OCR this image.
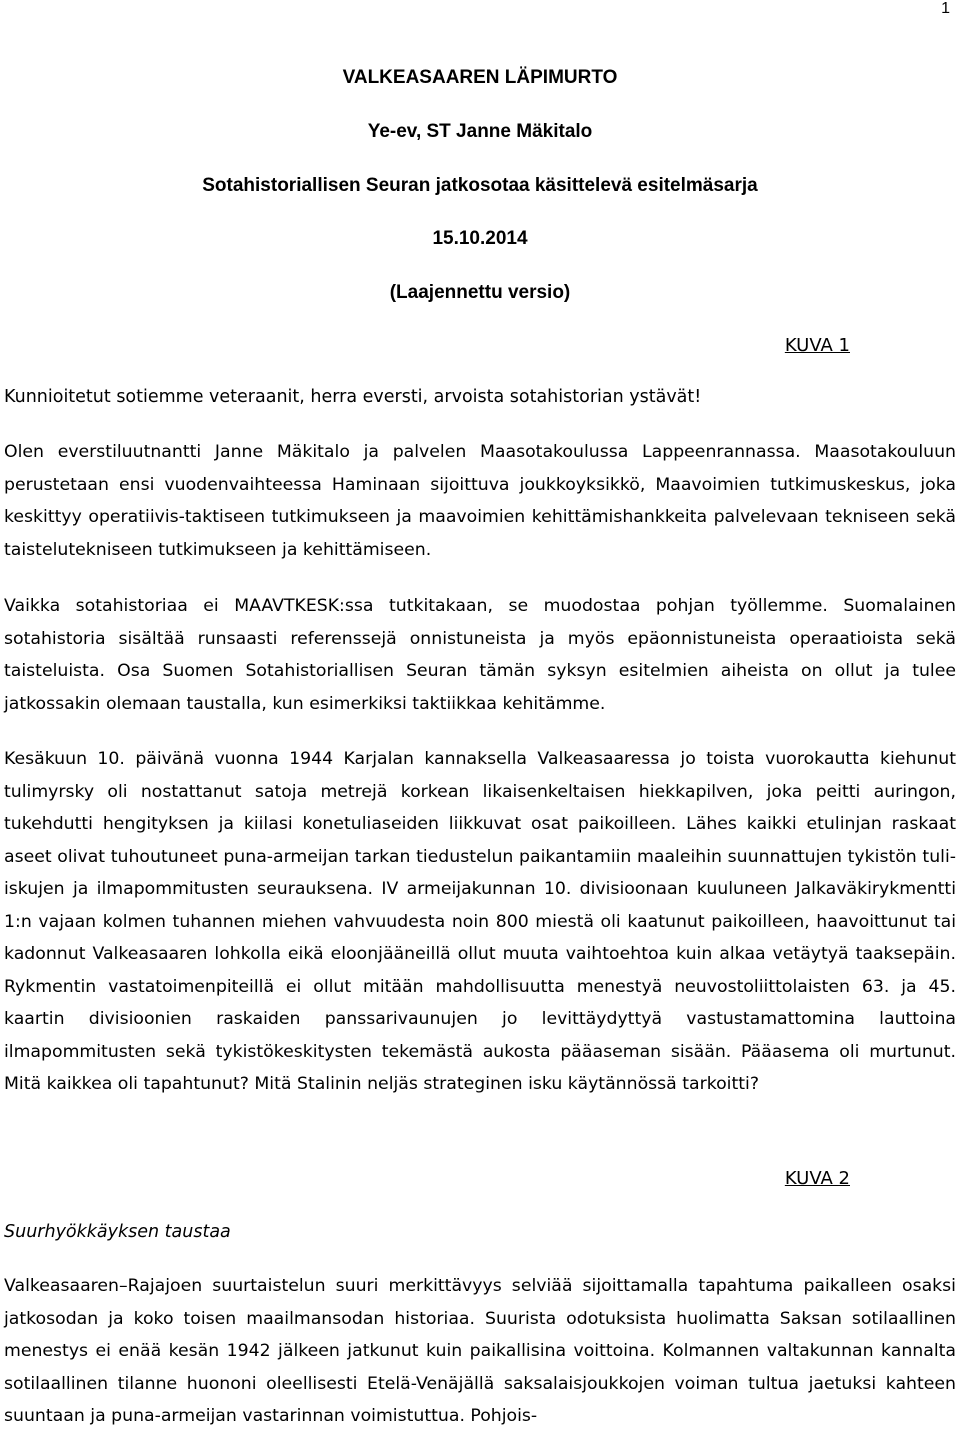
1
VALKEASAAREN LÄPIMURTO
Ye-ev, ST Janne Mäkitalo
Sotahistoriallisen Seuran jatkosotaa käsittelevä esitelmäsarja
15.10.2014
(Laajennettu versio)
KUVA 1
Kunnioitetut sotiemme veteraanit, herra eversti, arvoista sotahistorian ystävät!

Olen everstiluutnantti Janne Mäkitalo ja palvelen Maasotakoulussa Lappeenrannassa. Maasotakouluun perustetaan ensi vuodenvaihteessa Haminaan sijoittuva joukkoyksikkö, Maavoimien tutkimuskeskus, joka keskittyy operatiivis-taktiseen tutkimukseen ja maavoimien kehittämishankkeita palvelevaan tekniseen sekä taistelutekniseen tutkimukseen ja kehittämiseen.

Vaikka sotahistoriaa ei MAAVTKESK:ssa tutkitakaan, se muodostaa pohjan työllemme. Suomalainen sotahistoria sisältää runsaasti referenssejä onnistuneista ja myös epäonnistuneista operaatioista sekä taisteluista. Osa Suomen Sotahistoriallisen Seuran tämän syksyn esitelmien aiheista on ollut ja tulee jatkossakin olemaan taustalla, kun esimerkiksi taktiikkaa kehitämme.

Kesäkuun 10. päivänä vuonna 1944 Karjalan kannaksella Valkeasaaressa jo toista vuorokautta kiehunut tulimyrsky oli nostattanut satoja metrejä korkean likaisenkeltaisen hiekkapilven, joka peitti auringon, tukehdutti hengityksen ja kiilasi konetuliaseiden liikkuvat osat paikoilleen. Lähes kaikki etulinjan raskaat aseet olivat tuhoutuneet puna-armeijan tarkan tiedustelun paikantamiin maaleihin suunnattujen tykistön tuli-iskujen ja ilmapommitusten seurauksena. IV armeijakunnan 10. divisioonaan kuuluneen Jalkaväkirykmentti 1:n vajaan kolmen tuhannen miehen vahvuudesta noin 800 miestä oli kaatunut paikoilleen, haavoittunut tai kadonnut Valkeasaaren lohkolla eikä eloonjääneillä ollut muuta vaihtoehtoa kuin alkaa vetäytyä taaksepäin. Rykmentin vastatoimenpiteillä ei ollut mitään mahdollisuutta menestyä neuvostoliittolaisten 63. ja 45. kaartin divisioonien raskaiden panssarivaunujen jo levittäydyttyä vastustamattomina lauttoina ilmapommitusten sekä tykistökeskitysten tekemästä aukosta pääaseman sisään. Pääasema oli murtunut. Mitä kaikkea oli tapahtunut? Mitä Stalinin neljäs strateginen isku käytännössä tarkoitti?

KUVA 2
Suurhyökkäyksen taustaa

Valkeasaaren–Rajajoen suurtaistelun suuri merkittävyys selviää sijoittamalla tapahtuma paikalleen osaksi jatkosodan ja koko toisen maailmansodan historiaa. Suurista odotuksista huolimatta Saksan sotilaallinen menestys ei enää kesän 1942 jälkeen jatkunut kuin paikallisina voittoina. Kolmannen valtakunnan kannalta sotilaallinen tilanne huononi oleellisesti Etelä-Venäjällä saksalaisjoukkojen voiman tultua jaetuksi kahteen suuntaan ja puna-armeijan vastarinnan voimistuttua. Pohjois-
